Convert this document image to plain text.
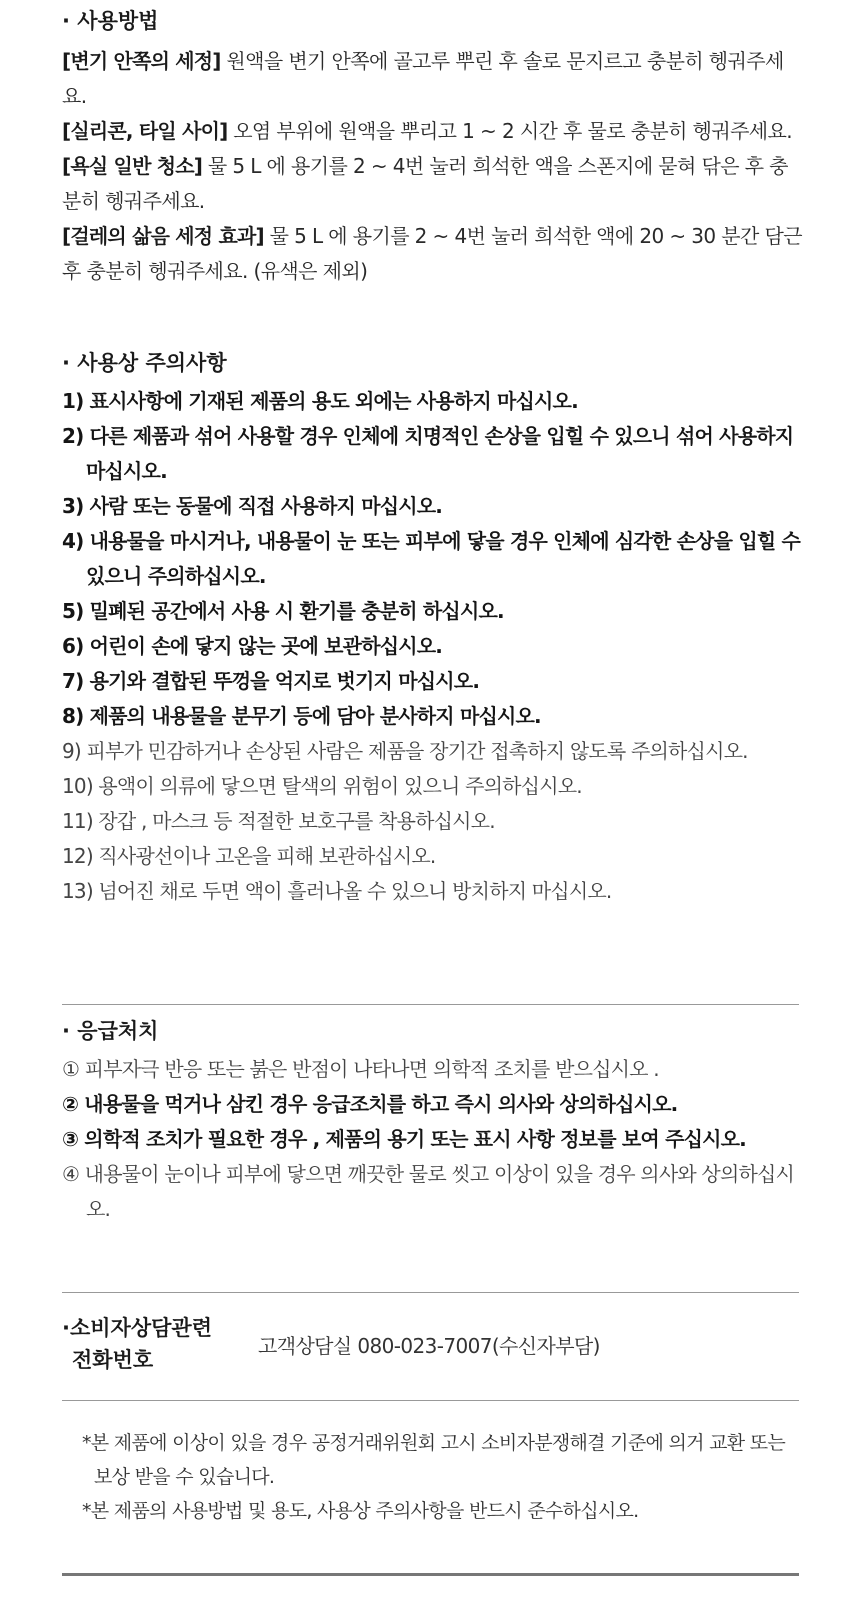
· 사용방법

[변기 안쪽의 세정] 원액을 변기 안쪽에 골고루 뿌린 후 솔로 문지르고 충분히 헹궈주세요.

[실리콘, 타일 사이] 오염 부위에 원액을 뿌리고 1 ~ 2 시간 후 물로 충분히 헹궈주세요.

[욕실 일반 청소] 물 5 L 에 용기를 2 ~ 4번 눌러 희석한 액을 스폰지에 묻혀 닦은 후 충분히 헹궈주세요.

[걸레의 삶음 세정 효과] 물 5 L 에 용기를 2 ~ 4번 눌러 희석한 액에 20 ~ 30 분간 담근 후 충분히 헹궈주세요. (유색은 제외)

· 사용상 주의사항

1) 표시사항에 기재된 제품의 용도 외에는 사용하지 마십시오.

2) 다른 제품과 섞어 사용할 경우 인체에 치명적인 손상을 입힐 수 있으니 섞어 사용하지 마십시오.

3) 사람 또는 동물에 직접 사용하지 마십시오.

4) 내용물을 마시거나, 내용물이 눈 또는 피부에 닿을 경우 인체에 심각한 손상을 입힐 수 있으니 주의하십시오.

5) 밀폐된 공간에서 사용 시 환기를 충분히 하십시오.

6) 어린이 손에 닿지 않는 곳에 보관하십시오.

7) 용기와 결합된 뚜껑을 억지로 벗기지 마십시오.

8) 제품의 내용물을 분무기 등에 담아 분사하지 마십시오.

9) 피부가 민감하거나 손상된 사람은 제품을 장기간 접촉하지 않도록 주의하십시오.

10) 용액이 의류에 닿으면 탈색의 위험이 있으니 주의하십시오.

11) 장갑 , 마스크 등 적절한 보호구를 착용하십시오.

12) 직사광선이나 고온을 피해 보관하십시오.

13) 넘어진 채로 두면 액이 흘러나올 수 있으니 방치하지 마십시오.

· 응급처치

① 피부자극 반응 또는 붉은 반점이 나타나면 의학적 조치를 받으십시오 .

② 내용물을 먹거나 삼킨 경우 응급조치를 하고 즉시 의사와 상의하십시오.

③ 의학적 조치가 필요한 경우 , 제품의 용기 또는 표시 사항 정보를 보여 주십시오.

④ 내용물이 눈이나 피부에 닿으면 깨끗한 물로 씻고 이상이 있을 경우 의사와 상의하십시오.

·소비자상담관련
전화번호
고객상담실 080-023-7007(수신자부담)

*본 제품에 이상이 있을 경우 공정거래위원회 고시 소비자분쟁해결 기준에 의거 교환 또는 보상 받을 수 있습니다.

*본 제품의 사용방법 및 용도, 사용상 주의사항을 반드시 준수하십시오.
